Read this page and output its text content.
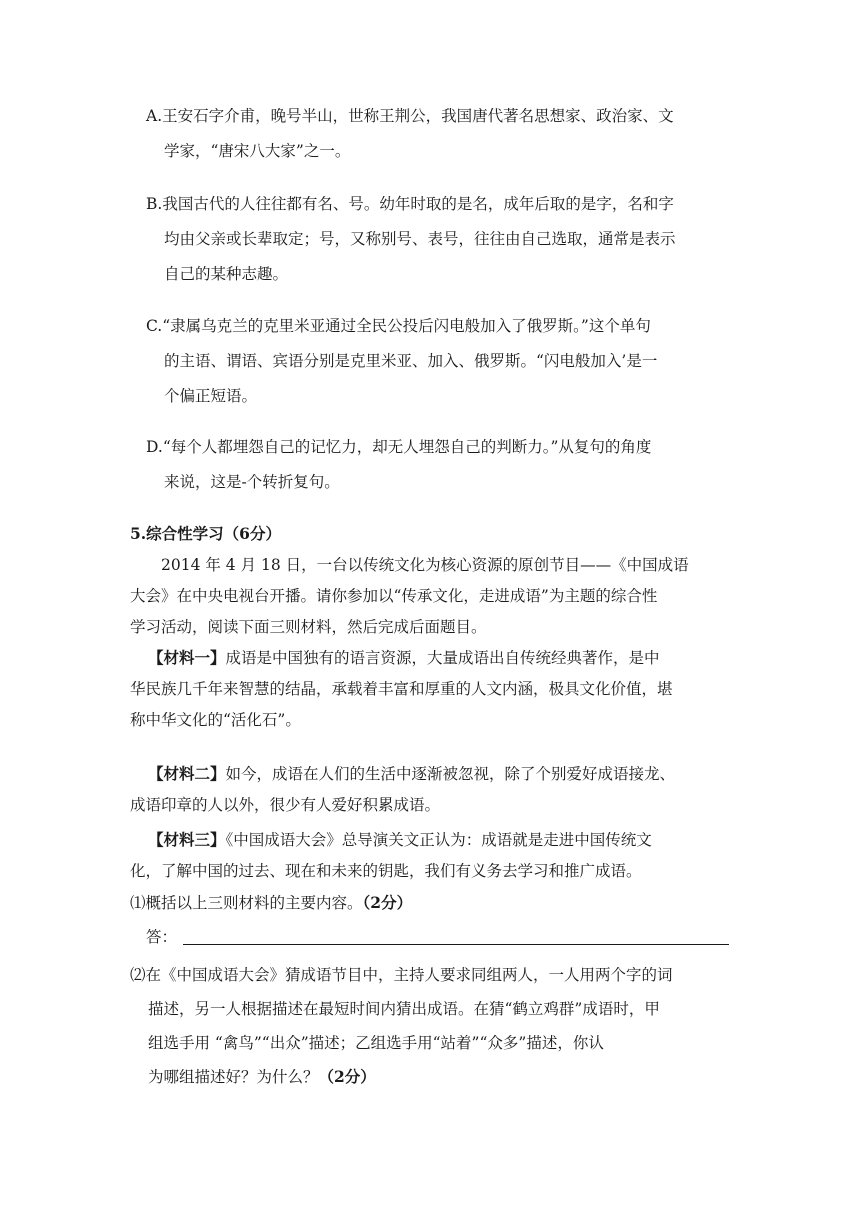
A.王安石字介甫，晚号半山，世称王荆公，我国唐代著名思想家、政治家、文
学家，“唐宋八大家”之一。
B.我国古代的人往往都有名、号。幼年时取的是名，成年后取的是字，名和字
均由父亲或长辈取定；号，又称别号、表号，往往由自己选取，通常是表示
自己的某种志趣。
C.“隶属乌克兰的克里米亚通过全民公投后闪电般加入了俄罗斯。”这个单句
的主语、谓语、宾语分别是克里米亚、加入、俄罗斯。“闪电般加入’是一
个偏正短语。
D.“每个人都埋怨自己的记忆力，却无人埋怨自己的判断力。”从复句的角度
来说，这是-个转折复句。
5.综合性学习（6分）
2014 年 4 月 18 日，一台以传统文化为核心资源的原创节目——《中国成语
大会》在中央电视台开播。请你参加以“传承文化，走进成语”为主题的综合性
学习活动，阅读下面三则材料，然后完成后面题目。
【材料一】成语是中国独有的语言资源，大量成语出自传统经典著作，是中
华民族几千年来智慧的结晶，承载着丰富和厚重的人文内涵，极具文化价值，堪
称中华文化的“活化石”。
【材料二】如今，成语在人们的生活中逐渐被忽视，除了个别爱好成语接龙、
成语印章的人以外，很少有人爱好积累成语。
【材料三】《中国成语大会》总导演关文正认为：成语就是走进中国传统文
化，了解中国的过去、现在和未来的钥匙，我们有义务去学习和推广成语。
⑴概括以上三则材料的主要内容。（2分）
答：
⑵在《中国成语大会》猜成语节目中，主持人要求同组两人，一人用两个字的词
描述，另一人根据描述在最短时间内猜出成语。在猜“鹤立鸡群”成语时，甲
组选手用 “禽鸟”“出众”描述；乙组选手用“站着”“众多”描述，你认
为哪组描述好？为什么？（2分）
